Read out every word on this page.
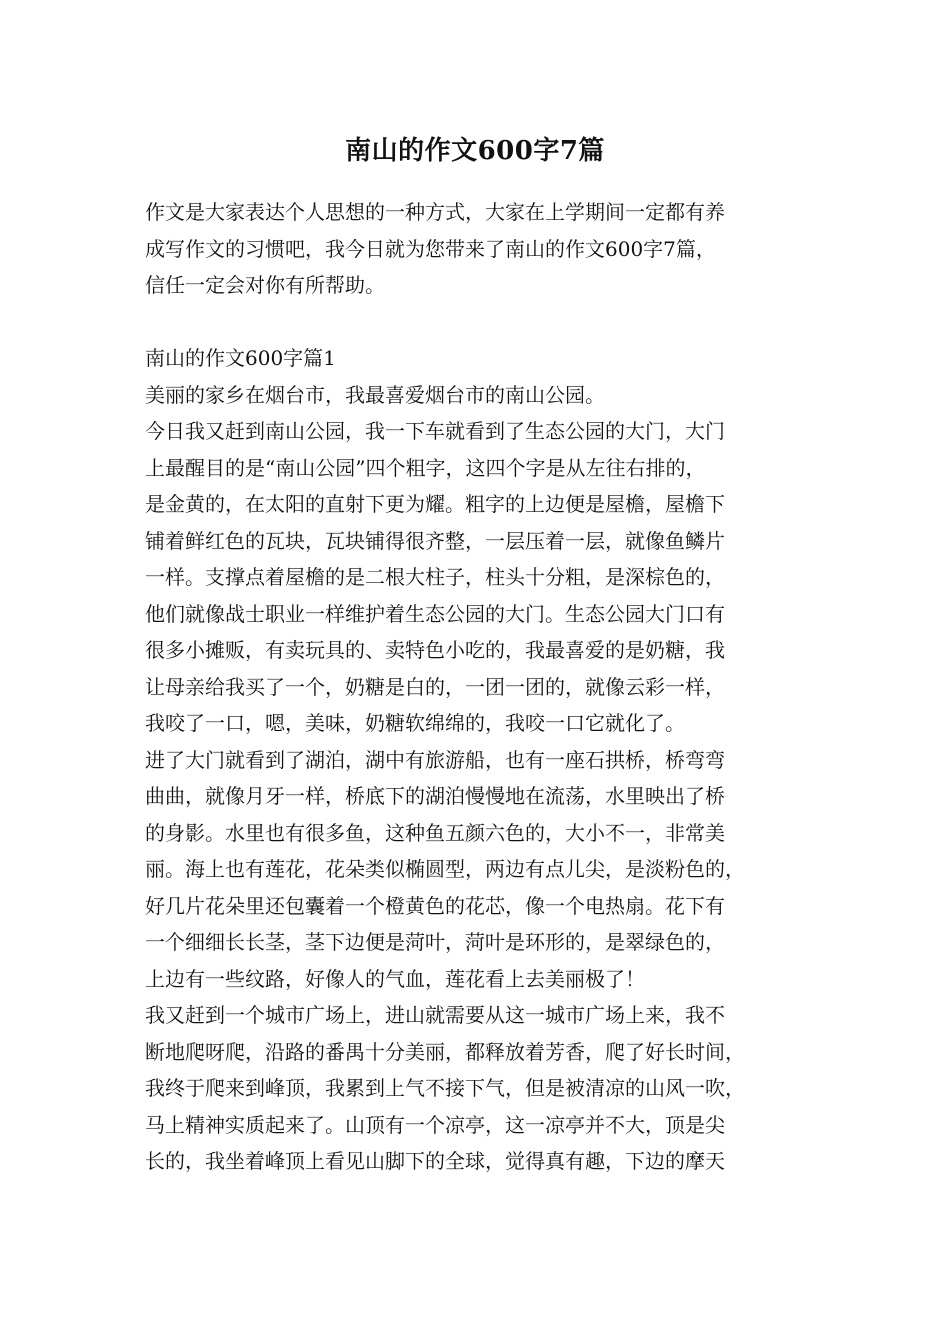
南山的作文600字7篇

作文是大家表达个人思想的一种方式，大家在上学期间一定都有养
成写作文的习惯吧，我今日就为您带来了南山的作文600字7篇，
信任一定会对你有所帮助。

南山的作文600字篇1

美丽的家乡在烟台市，我最喜爱烟台市的南山公园。

今日我又赶到南山公园，我一下车就看到了生态公园的大门，大门
上最醒目的是“南山公园”四个粗字，这四个字是从左往右排的，
是金黄的，在太阳的直射下更为耀。粗字的上边便是屋檐，屋檐下
铺着鲜红色的瓦块，瓦块铺得很齐整，一层压着一层，就像鱼鳞片
一样。支撑点着屋檐的是二根大柱子，柱头十分粗，是深棕色的，
他们就像战士职业一样维护着生态公园的大门。生态公园大门口有
很多小摊贩，有卖玩具的、卖特色小吃的，我最喜爱的是奶糖，我
让母亲给我买了一个，奶糖是白的，一团一团的，就像云彩一样，
我咬了一口，嗯，美味，奶糖软绵绵的，我咬一口它就化了。

进了大门就看到了湖泊，湖中有旅游船，也有一座石拱桥，桥弯弯
曲曲，就像月牙一样，桥底下的湖泊慢慢地在流荡，水里映出了桥
的身影。水里也有很多鱼，这种鱼五颜六色的，大小不一，非常美
丽。海上也有莲花，花朵类似椭圆型，两边有点儿尖，是淡粉色的，
好几片花朵里还包囊着一个橙黄色的花芯，像一个电热扇。花下有
一个细细长长茎，茎下边便是菏叶，菏叶是环形的，是翠绿色的，
上边有一些纹路，好像人的气血，莲花看上去美丽极了！

我又赶到一个城市广场上，进山就需要从这一城市广场上来，我不
断地爬呀爬，沿路的番禺十分美丽，都释放着芳香，爬了好长时间，
我终于爬来到峰顶，我累到上气不接下气，但是被清凉的山风一吹，
马上精神实质起来了。山顶有一个凉亭，这一凉亭并不大，顶是尖
长的，我坐着峰顶上看见山脚下的全球，觉得真有趣，下边的摩天
